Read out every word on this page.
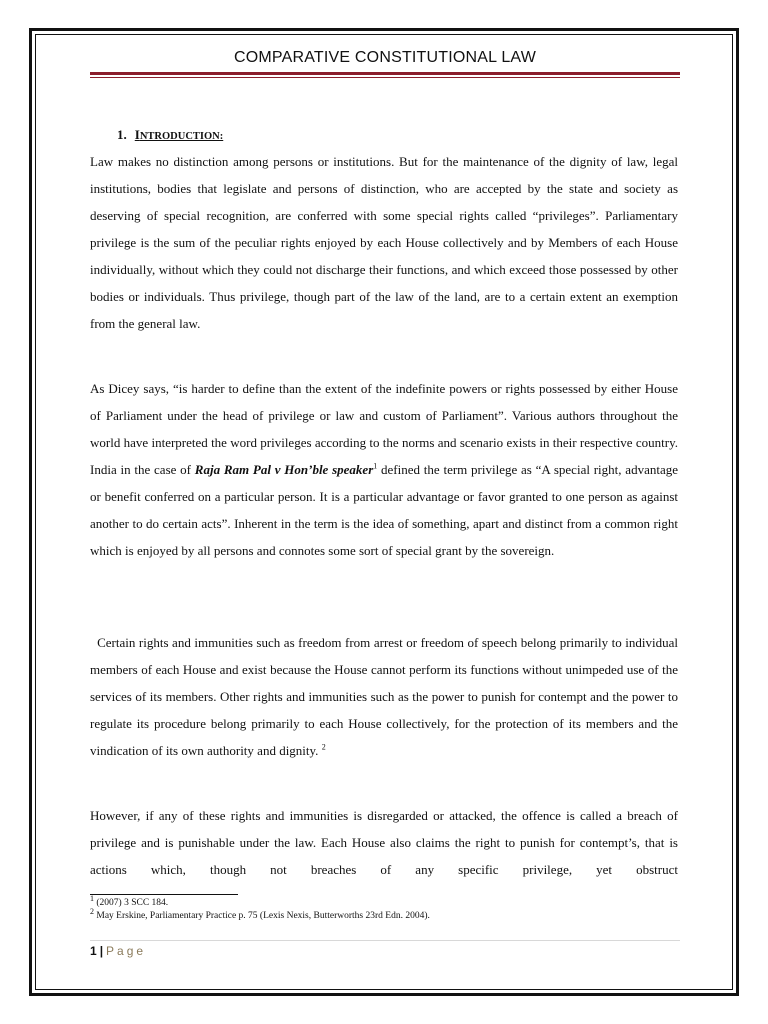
COMPARATIVE CONSTITUTIONAL LAW
1. INTRODUCTION:

Law makes no distinction among persons or institutions. But for the maintenance of the dignity of law, legal institutions, bodies that legislate and persons of distinction, who are accepted by the state and society as deserving of special recognition, are conferred with some special rights called “privileges”. Parliamentary privilege is the sum of the peculiar rights enjoyed by each House collectively and by Members of each House individually, without which they could not discharge their functions, and which exceed those possessed by other bodies or individuals. Thus privilege, though part of the law of the land, are to a certain extent an exemption from the general law.

As Dicey says, “is harder to define than the extent of the indefinite powers or rights possessed by either House of Parliament under the head of privilege or law and custom of Parliament”. Various authors throughout the world have interpreted the word privileges according to the norms and scenario exists in their respective country. India in the case of Raja Ram Pal v Hon’ble speaker$^1$ defined the term privilege as “A special right, advantage or benefit conferred on a particular person. It is a particular advantage or favor granted to one person as against another to do certain acts”. Inherent in the term is the idea of something, apart and distinct from a common right which is enjoyed by all persons and connotes some sort of special grant by the sovereign.

Certain rights and immunities such as freedom from arrest or freedom of speech belong primarily to individual members of each House and exist because the House cannot perform its functions without unimpeded use of the services of its members. Other rights and immunities such as the power to punish for contempt and the power to regulate its procedure belong primarily to each House collectively, for the protection of its members and the vindication of its own authority and dignity. $^2$

However, if any of these rights and immunities is disregarded or attacked, the offence is called a breach of privilege and is punishable under the law. Each House also claims the right to punish for contempt’s, that is actions which, though not breaches of any specific privilege, yet obstruct

$^1$ (2007) 3 SCC 184.
$^2$ May Erskine, Parliamentary Practice p. 75 (Lexis Nexis, Butterworths 23rd Edn. 2004).
1 | Page
